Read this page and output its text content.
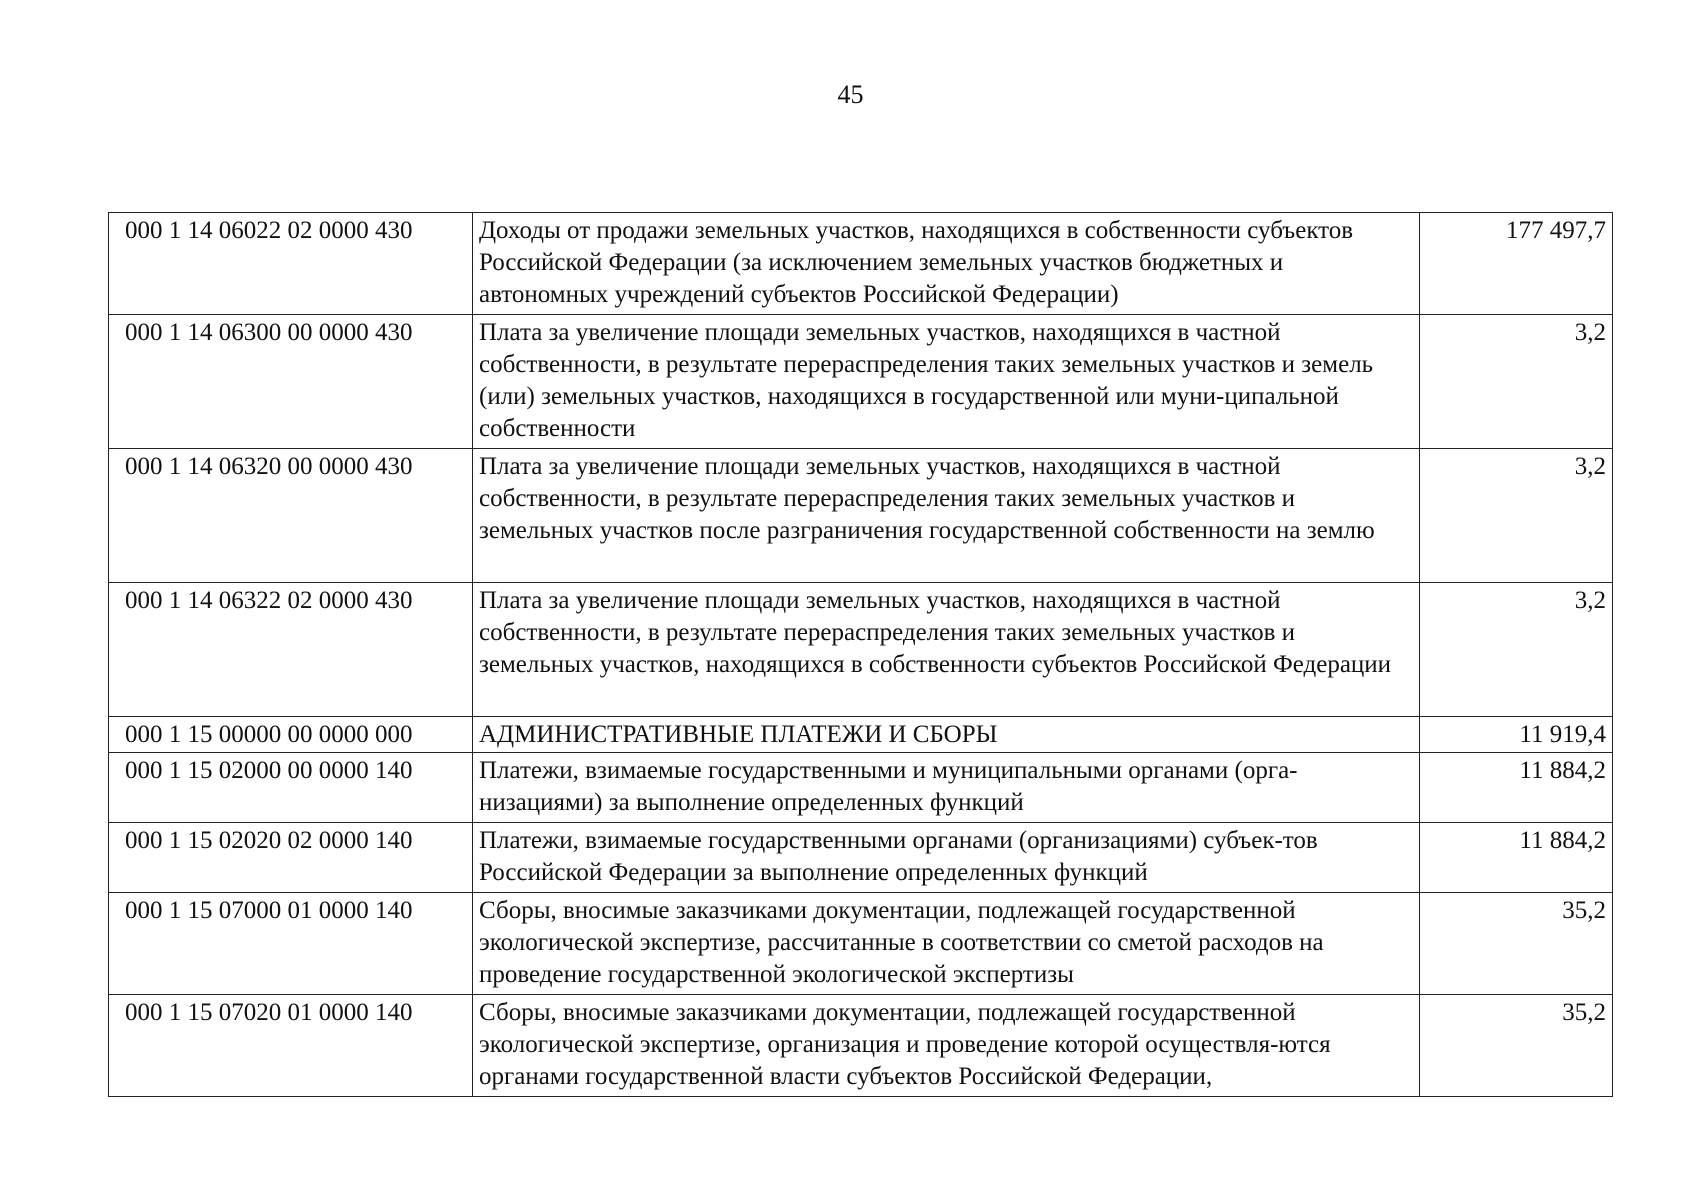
45
000 1 14 06022 02 0000 430	Доходы от продажи земельных участков, находящихся в собственности субъектов Российской Федерации (за исключением земельных участков бюджетных и автономных учреждений субъектов Российской Федерации)	177 497,7
000 1 14 06300 00 0000 430	Плата за увеличение площади земельных участков, находящихся в частной собственности, в результате перераспределения таких земельных участков и земель (или) земельных участков, находящихся в государственной или муни-ципальной собственности	3,2
000 1 14 06320 00 0000 430	Плата за увеличение площади земельных участков, находящихся в частной собственности, в результате перераспределения таких земельных участков и земельных участков после разграничения государственной собственности на землю	3,2
000 1 14 06322 02 0000 430	Плата за увеличение площади земельных участков, находящихся в частной собственности, в результате перераспределения таких земельных участков и земельных участков, находящихся в собственности субъектов Российской Федерации	3,2
000 1 15 00000 00 0000 000	АДМИНИСТРАТИВНЫЕ ПЛАТЕЖИ И СБОРЫ	11 919,4
000 1 15 02000 00 0000 140	Платежи, взимаемые государственными и муниципальными органами (орга-низациями) за выполнение определенных функций	11 884,2
000 1 15 02020 02 0000 140	Платежи, взимаемые государственными органами (организациями) субъек-тов Российской Федерации за выполнение определенных функций	11 884,2
000 1 15 07000 01 0000 140	Сборы, вносимые заказчиками документации, подлежащей государственной экологической экспертизе, рассчитанные в соответствии со сметой расходов на проведение государственной экологической экспертизы	35,2
000 1 15 07020 01 0000 140	Сборы, вносимые заказчиками документации, подлежащей государственной экологической экспертизе, организация и проведение которой осуществля-ются органами государственной власти субъектов Российской Федерации,	35,2
